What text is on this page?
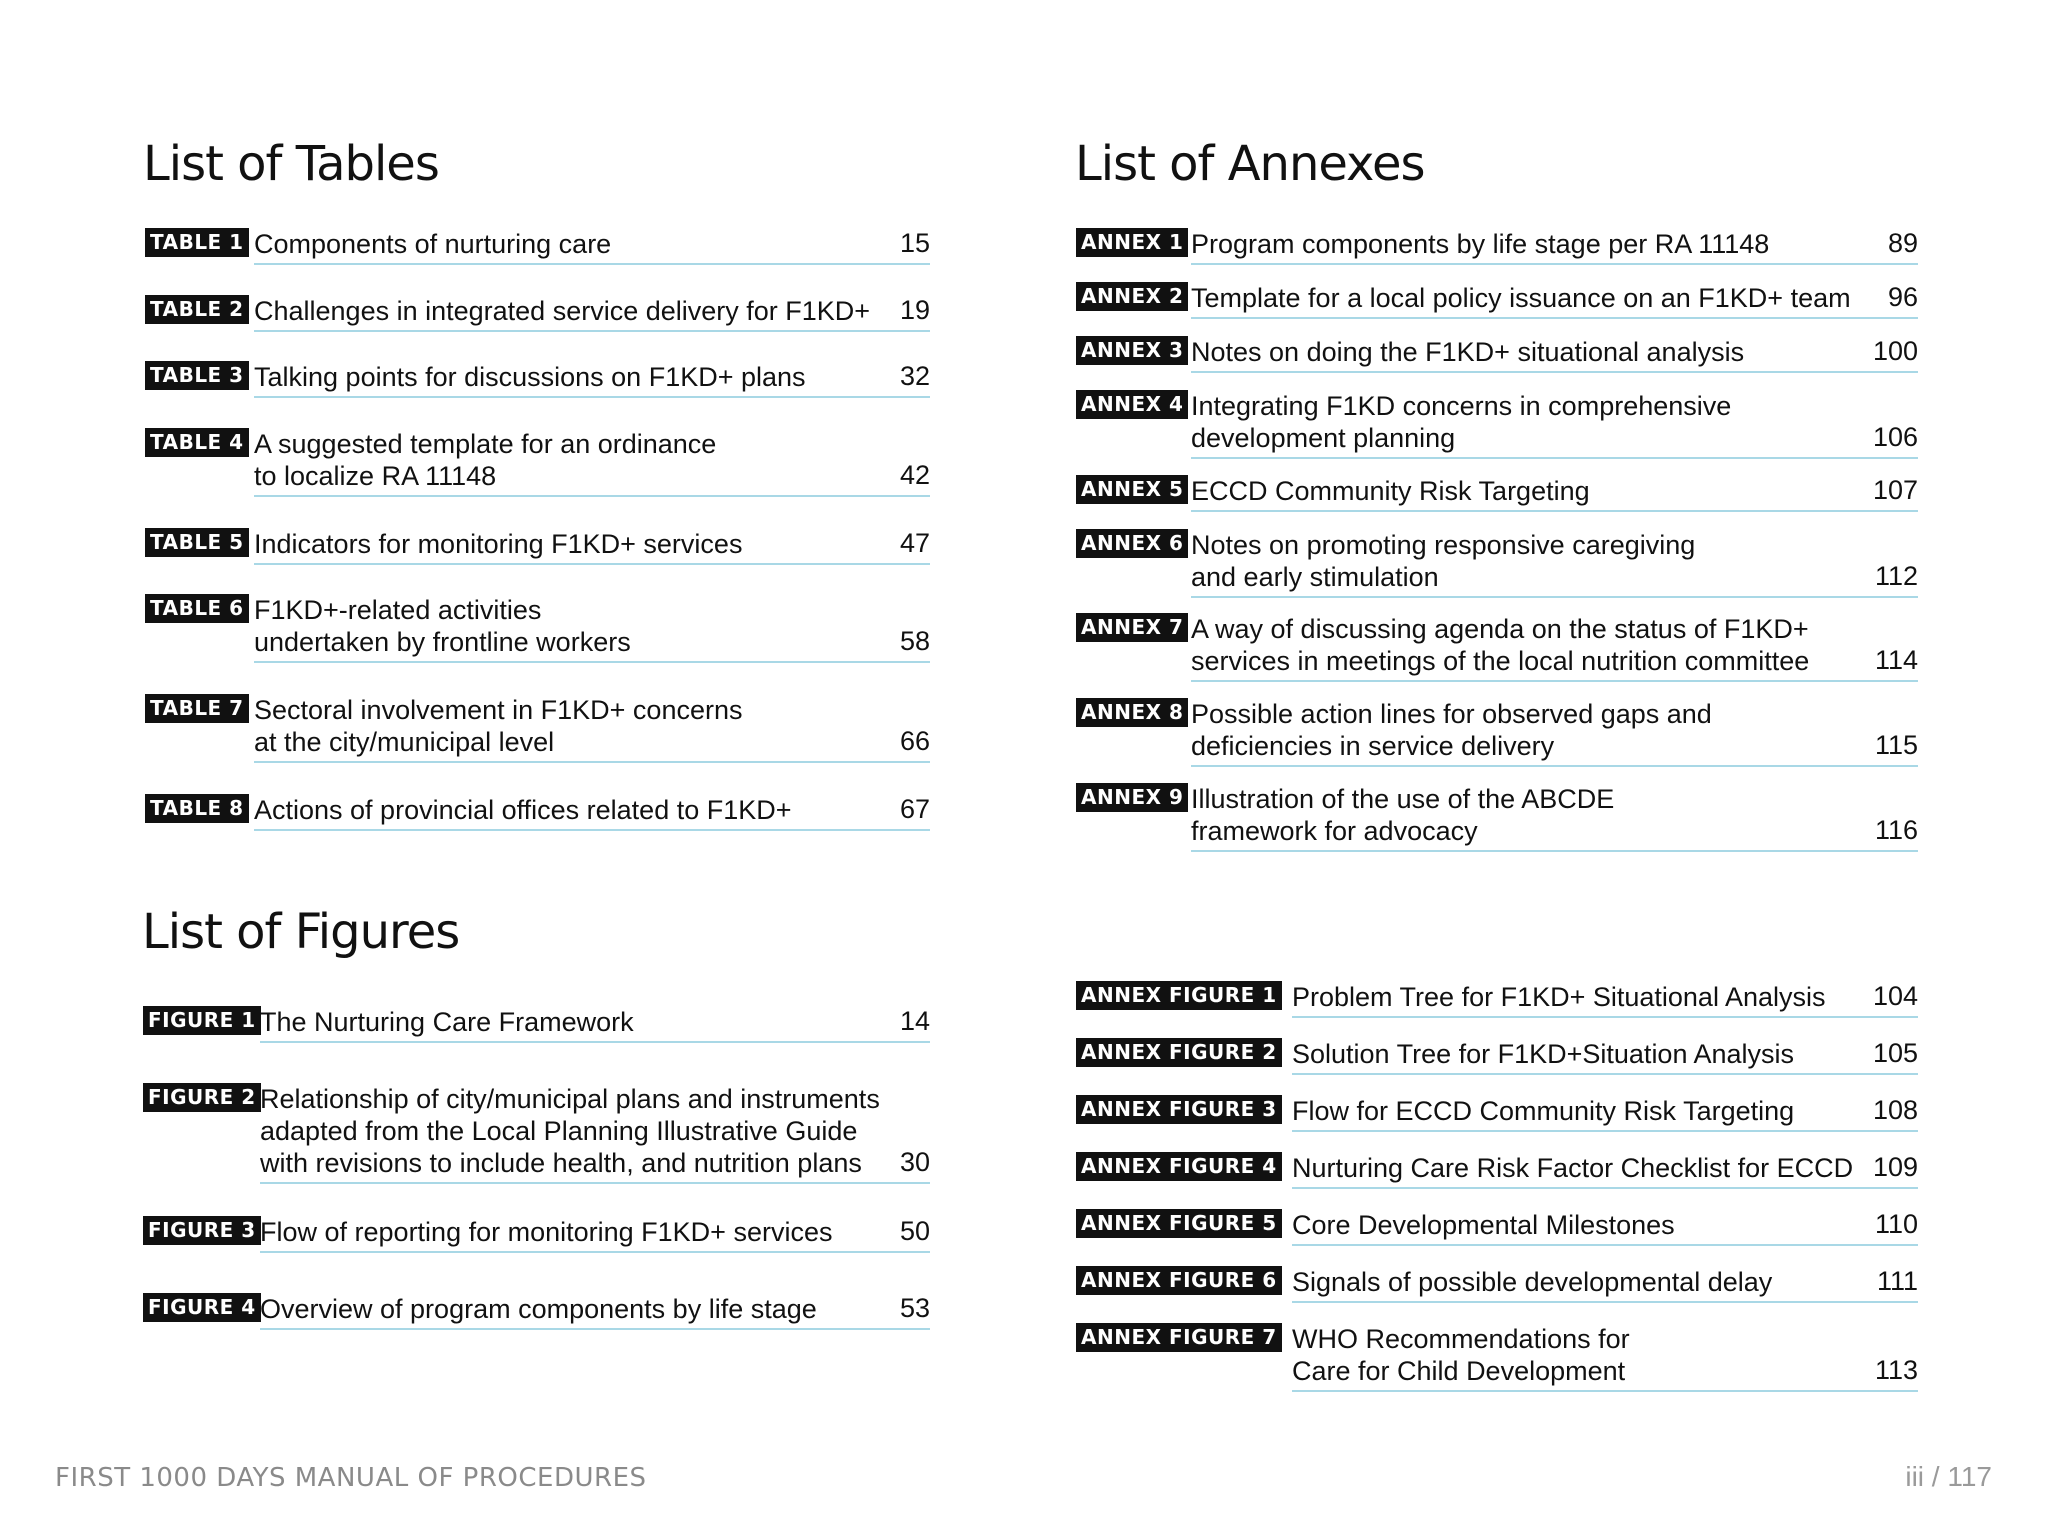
List of Tables	List of Annexes
List of Figures
TABLE 1 Components of nurturing care	15
TABLE 2 Challenges in integrated service delivery for F1KD+	19
TABLE 3 Talking points for discussions on F1KD+ plans	32
TABLE 4 A suggested template for an ordinance
to localize RA 11148	42
TABLE 5 Indicators for monitoring F1KD+ services	47
TABLE 6 F1KD+-related activities
undertaken by frontline workers	58
TABLE 7 Sectoral involvement in F1KD+ concerns
at the city/municipal level	66
TABLE 8 Actions of provincial offices related to F1KD+	67
FIGURE 1 The Nurturing Care Framework	14
FIGURE 2 Relationship of city/municipal plans and instruments
adapted from the Local Planning Illustrative Guide
with revisions to include health, and nutrition plans	30
FIGURE 3 Flow of reporting for monitoring F1KD+ services	50
FIGURE 4 Overview of program components by life stage	53
ANNEX 1 Program components by life stage per RA 11148	89
ANNEX 2 Template for a local policy issuance on an F1KD+ team	96
ANNEX 3 Notes on doing the F1KD+ situational analysis	100
ANNEX 4 Integrating F1KD concerns in comprehensive
development planning	106
ANNEX 5 ECCD Community Risk Targeting	107
ANNEX 6 Notes on promoting responsive caregiving
and early stimulation	112
ANNEX 7 A way of discussing agenda on the status of F1KD+
services in meetings of the local nutrition committee	114
ANNEX 8 Possible action lines for observed gaps and
deficiencies in service delivery	115
ANNEX 9 Illustration of the use of the ABCDE
framework for advocacy	116
ANNEX FIGURE 1 Problem Tree for F1KD+ Situational Analysis	104
ANNEX FIGURE 2 Solution Tree for F1KD+Situation Analysis	105
ANNEX FIGURE 3 Flow for ECCD Community Risk Targeting	108
ANNEX FIGURE 4 Nurturing Care Risk Factor Checklist for ECCD 109
ANNEX FIGURE 5 Core Developmental Milestones	110
ANNEX FIGURE 6 Signals of possible developmental delay	111
ANNEX FIGURE 7 WHO Recommendations for
Care for Child Development	113
FIRST 1000 DAYS MANUAL OF PROCEDURES	iii / 117
